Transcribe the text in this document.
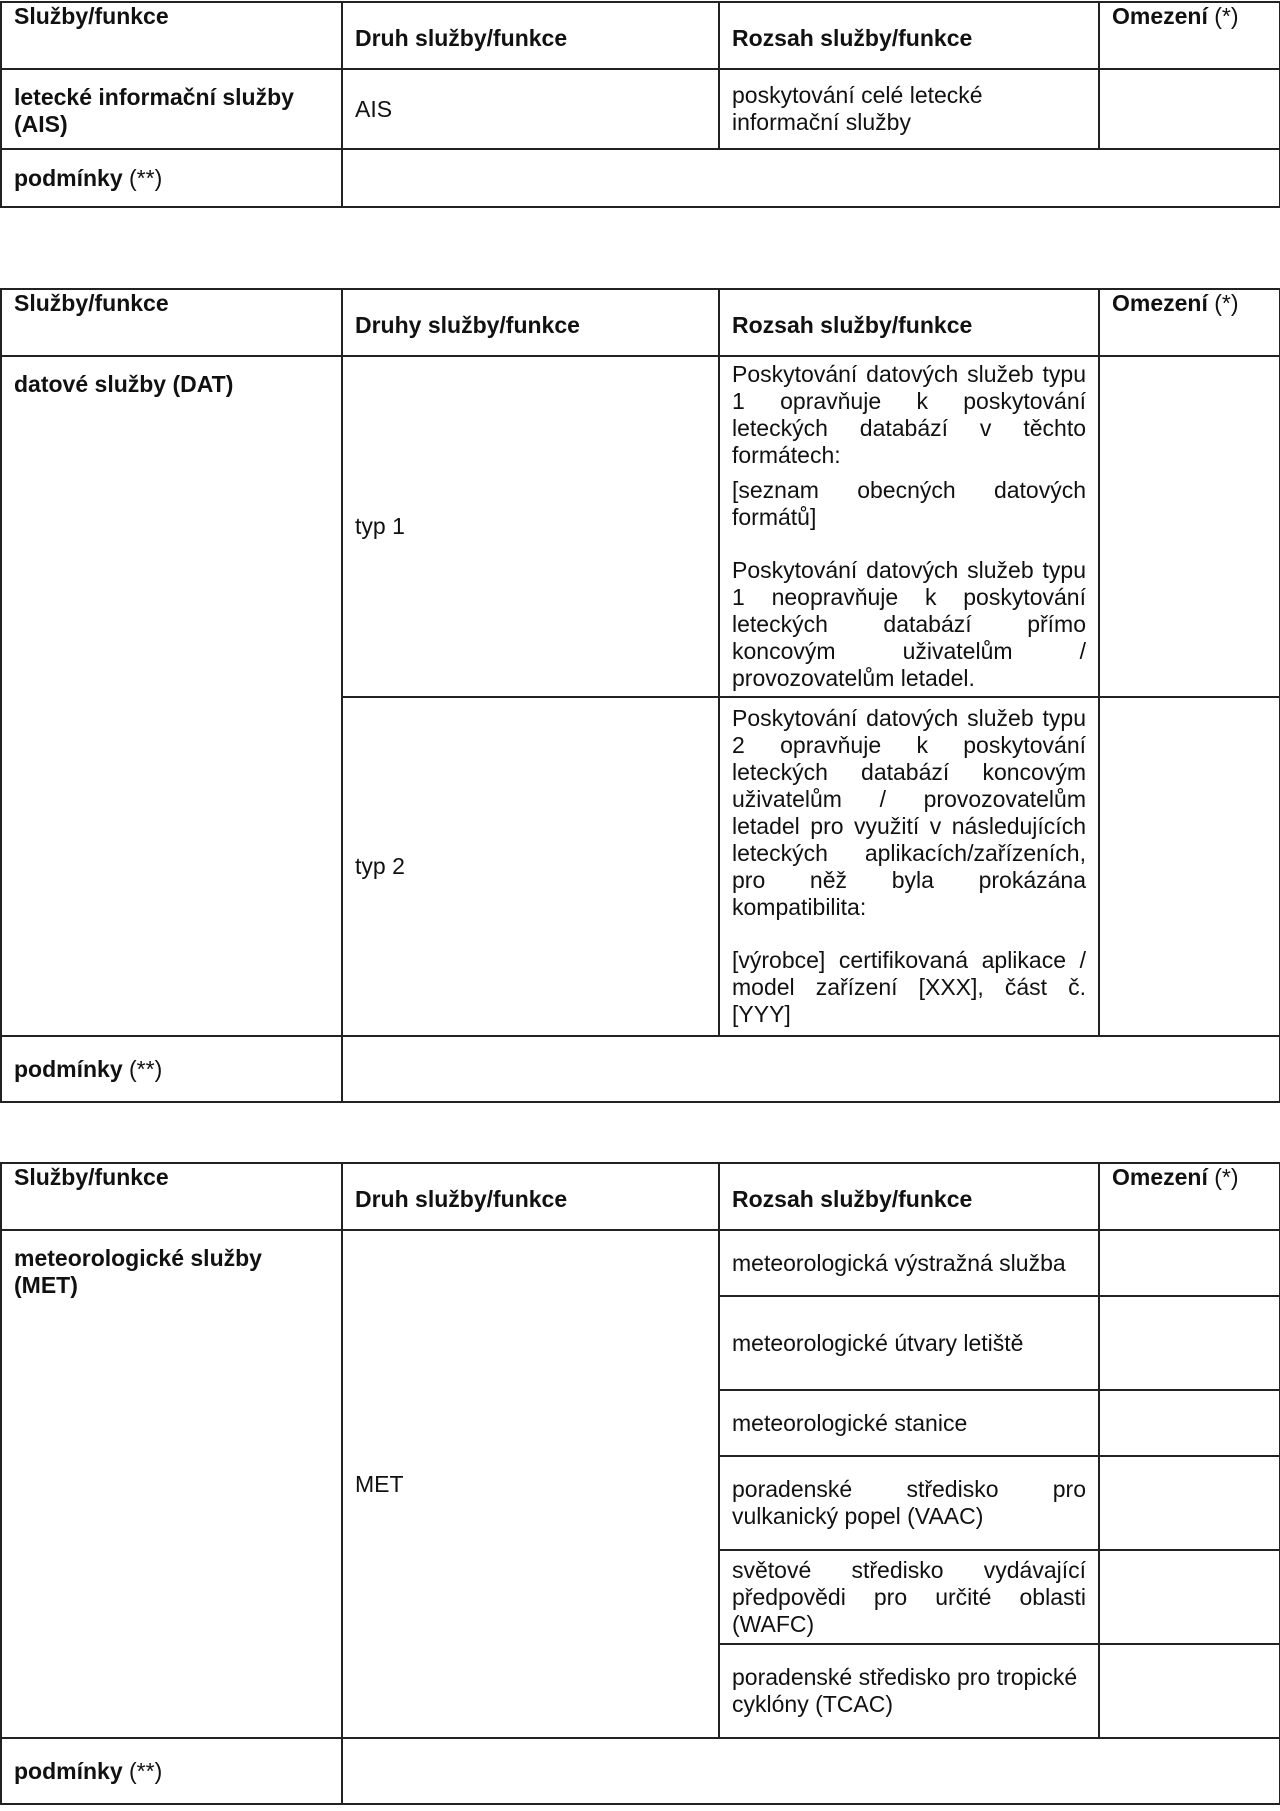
Služby/funkce	Druh služby/funkce	Rozsah služby/funkce	Omezení (*)
letecké informační služby (AIS)	AIS	poskytování celé letecké informační služby	
podmínky (**)			
Služby/funkce	Druhy služby/funkce	Rozsah služby/funkce	Omezení (*)
datové služby (DAT)	typ 1	Poskytování datových služeb typu 1 opravňuje k poskytování leteckých databází v těchto formátech:
[seznam obecných datových formátů]
Poskytování datových služeb typu 1 neopravňuje k poskytování leteckých databází přímo koncovým uživatelům / provozovatelům letadel.	

	typ 2	Poskytování datových služeb typu 2 opravňuje k poskytování leteckých databází koncovým uživatelům / provozovatelům letadel pro využití v následujících leteckých aplikacích/zařízeních, pro něž byla prokázána kompatibilita:
[výrobce] certifikovaná aplikace / model zařízení [XXX], část č. [YYY]	

podmínky (**)			
Služby/funkce	Druh služby/funkce	Rozsah služby/funkce	Omezení (*)
meteorologické služby (MET)	MET	meteorologická výstražná služba	
		meteorologické útvary letiště	
		meteorologické stanice	
		poradenské středisko pro vulkanický popel (VAAC)	
		světové středisko vydávající předpovědi pro určité oblasti (WAFC)	
		poradenské středisko pro tropické cyklóny (TCAC)	
podmínky (**)			
